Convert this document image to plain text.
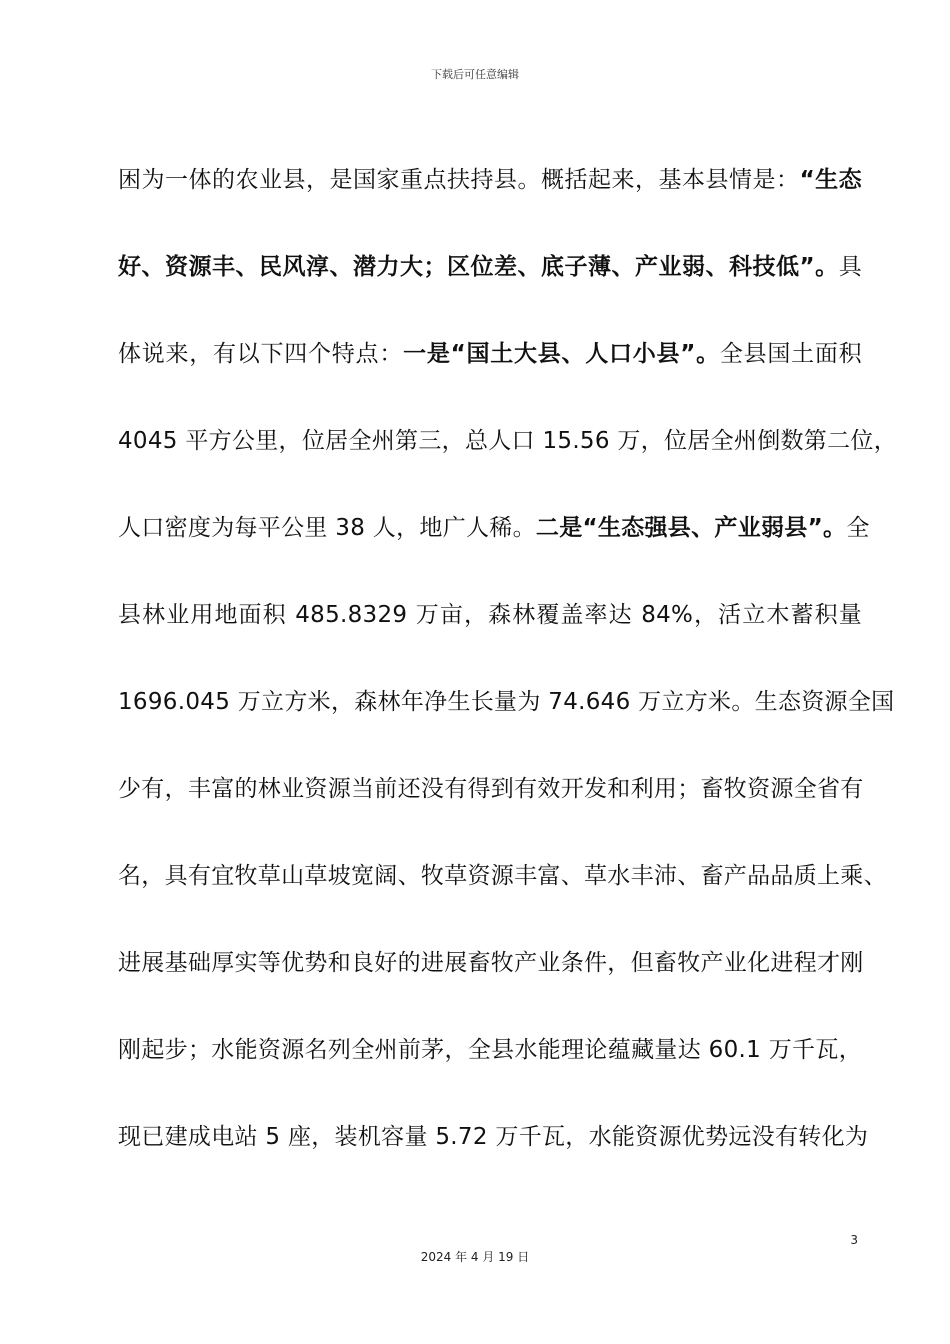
下载后可任意编辑
困为一体的农业县，是国家重点扶持县。概括起来，基本县情是：“生态
好、资源丰、民风淳、潜力大；区位差、底子薄、产业弱、科技低”。具
体说来，有以下四个特点：一是“国土大县、人口小县”。全县国土面积
4045 平方公里，位居全州第三，总人口 15.56 万，位居全州倒数第二位，
人口密度为每平公里 38 人，地广人稀。二是“生态强县、产业弱县”。全
县林业用地面积 485.8329 万亩，森林覆盖率达 84%，活立木蓄积量
1696.045 万立方米，森林年净生长量为 74.646 万立方米。生态资源全国
少有，丰富的林业资源当前还没有得到有效开发和利用；畜牧资源全省有
名，具有宜牧草山草坡宽阔、牧草资源丰富、草水丰沛、畜产品品质上乘、
进展基础厚实等优势和良好的进展畜牧产业条件，但畜牧产业化进程才刚
刚起步；水能资源名列全州前茅，全县水能理论蕴藏量达 60.1 万千瓦，
现已建成电站 5 座，装机容量 5.72 万千瓦，水能资源优势远没有转化为
3
2024 年 4 月 19 日
